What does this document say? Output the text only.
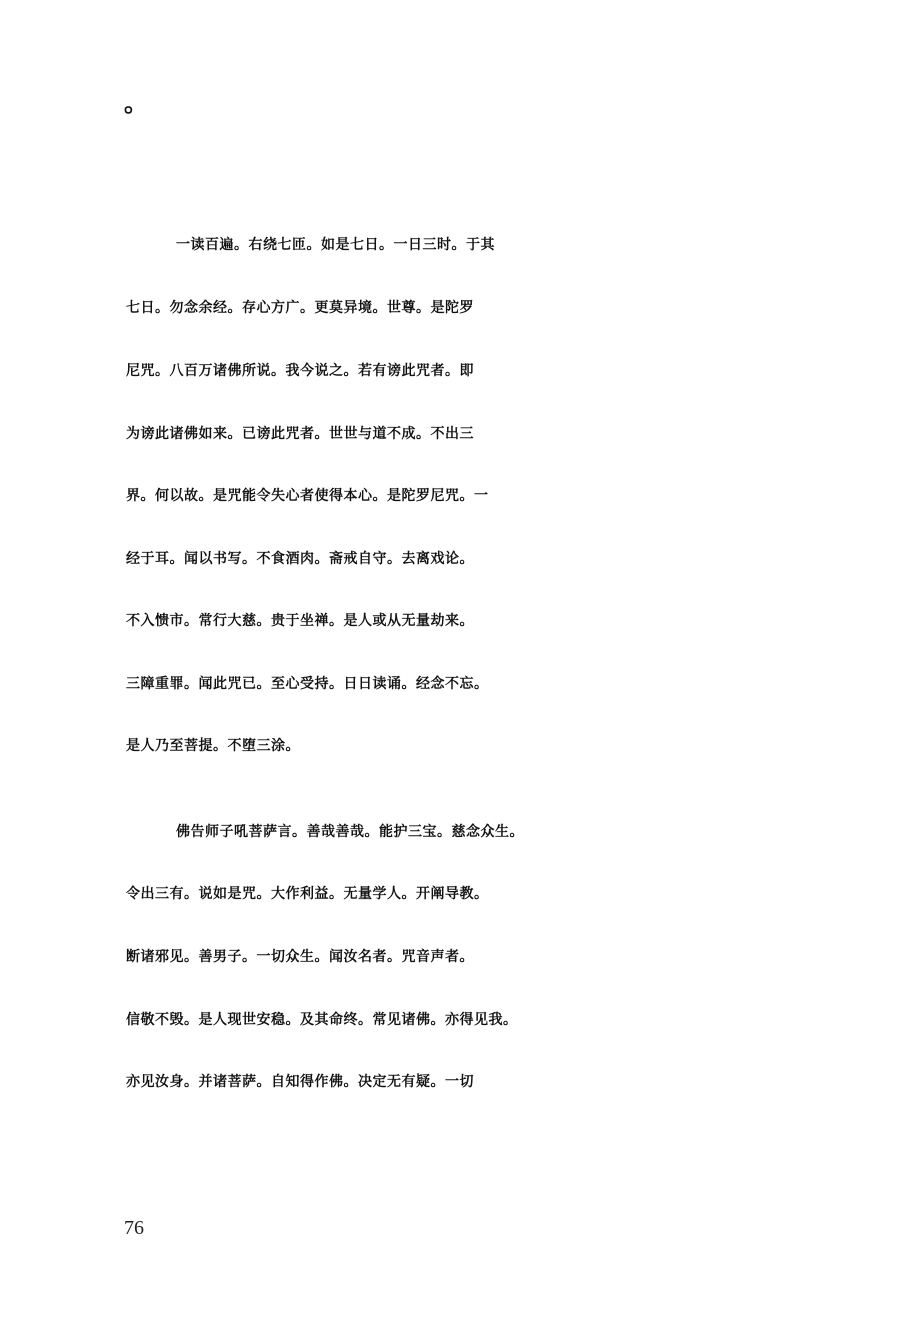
。
一读百遍。右绕七匝。如是七日。一日三时。于其
七日。勿念余经。存心方广。更莫异境。世尊。是陀罗
尼咒。八百万诸佛所说。我今说之。若有谤此咒者。即
为谤此诸佛如来。已谤此咒者。世世与道不成。不出三
界。何以故。是咒能令失心者使得本心。是陀罗尼咒。一
经于耳。闻以书写。不食酒肉。斋戒自守。去离戏论。
不入愦市。常行大慈。贵于坐禅。是人或从无量劫来。
三障重罪。闻此咒已。至心受持。日日读诵。经念不忘。
是人乃至菩提。不堕三涂。
佛告师子吼菩萨言。善哉善哉。能护三宝。慈念众生。
令出三有。说如是咒。大作利益。无量学人。开阐导教。
断诸邪见。善男子。一切众生。闻汝名者。咒音声者。
信敬不毁。是人现世安稳。及其命终。常见诸佛。亦得见我。
亦见汝身。并诸菩萨。自知得作佛。决定无有疑。一切
76
